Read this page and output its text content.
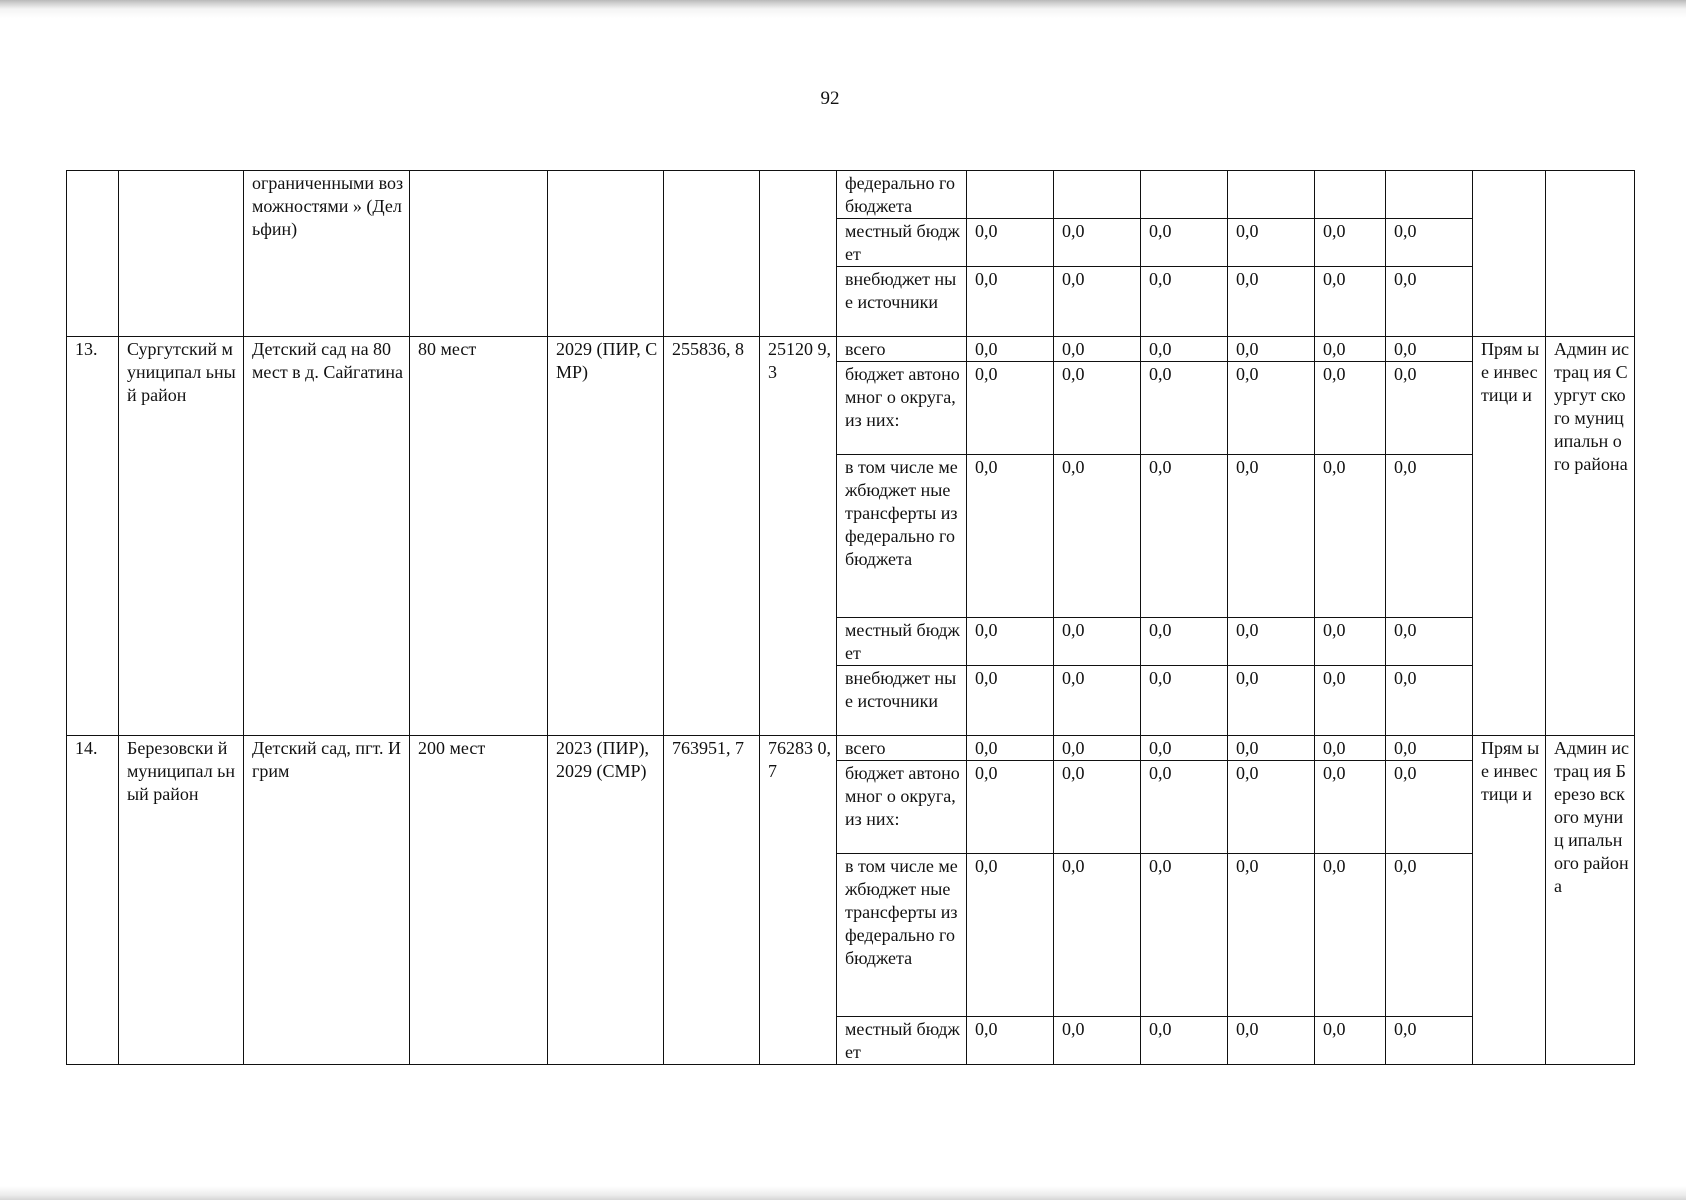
92
		ограниченными возможностями » (Дельфин)					федерально го бюджета								
							местный бюджет	0,0	0,0	0,0	0,0	0,0	0,0		
							внебюджет ные источники	0,0	0,0	0,0	0,0	0,0	0,0		
13.	Сургутский муниципал ьный район	Детский сад на 80 мест в д. Сайгатина	80 мест	2029 (ПИР, СМР)	255836, 8	25120 9,3	всего	0,0	0,0	0,0	0,0	0,0	0,0	Прям ые инвес тици и	Админ истрац ия Сургут ского муниц ипальн ого района
							бюджет автономног о округа, из них:	0,0	0,0	0,0	0,0	0,0	0,0		
							в том числе межбюджет ные трансферты из федерально го бюджета	0,0	0,0	0,0	0,0	0,0	0,0		
							местный бюджет	0,0	0,0	0,0	0,0	0,0	0,0		
							внебюджет ные источники	0,0	0,0	0,0	0,0	0,0	0,0		
14.	Березовски й муниципал ьный район	Детский сад, пгт. Игрим	200 мест	2023 (ПИР), 2029 (СМР)	763951, 7	76283 0,7	всего	0,0	0,0	0,0	0,0	0,0	0,0	Прям ые инвес тици и	Админ истрац ия Березо вского муниц ипальн ого района
							бюджет автономног о округа, из них:	0,0	0,0	0,0	0,0	0,0	0,0		
							в том числе межбюджет ные трансферты из федерально го бюджета	0,0	0,0	0,0	0,0	0,0	0,0		
							местный бюджет	0,0	0,0	0,0	0,0	0,0	0,0		
